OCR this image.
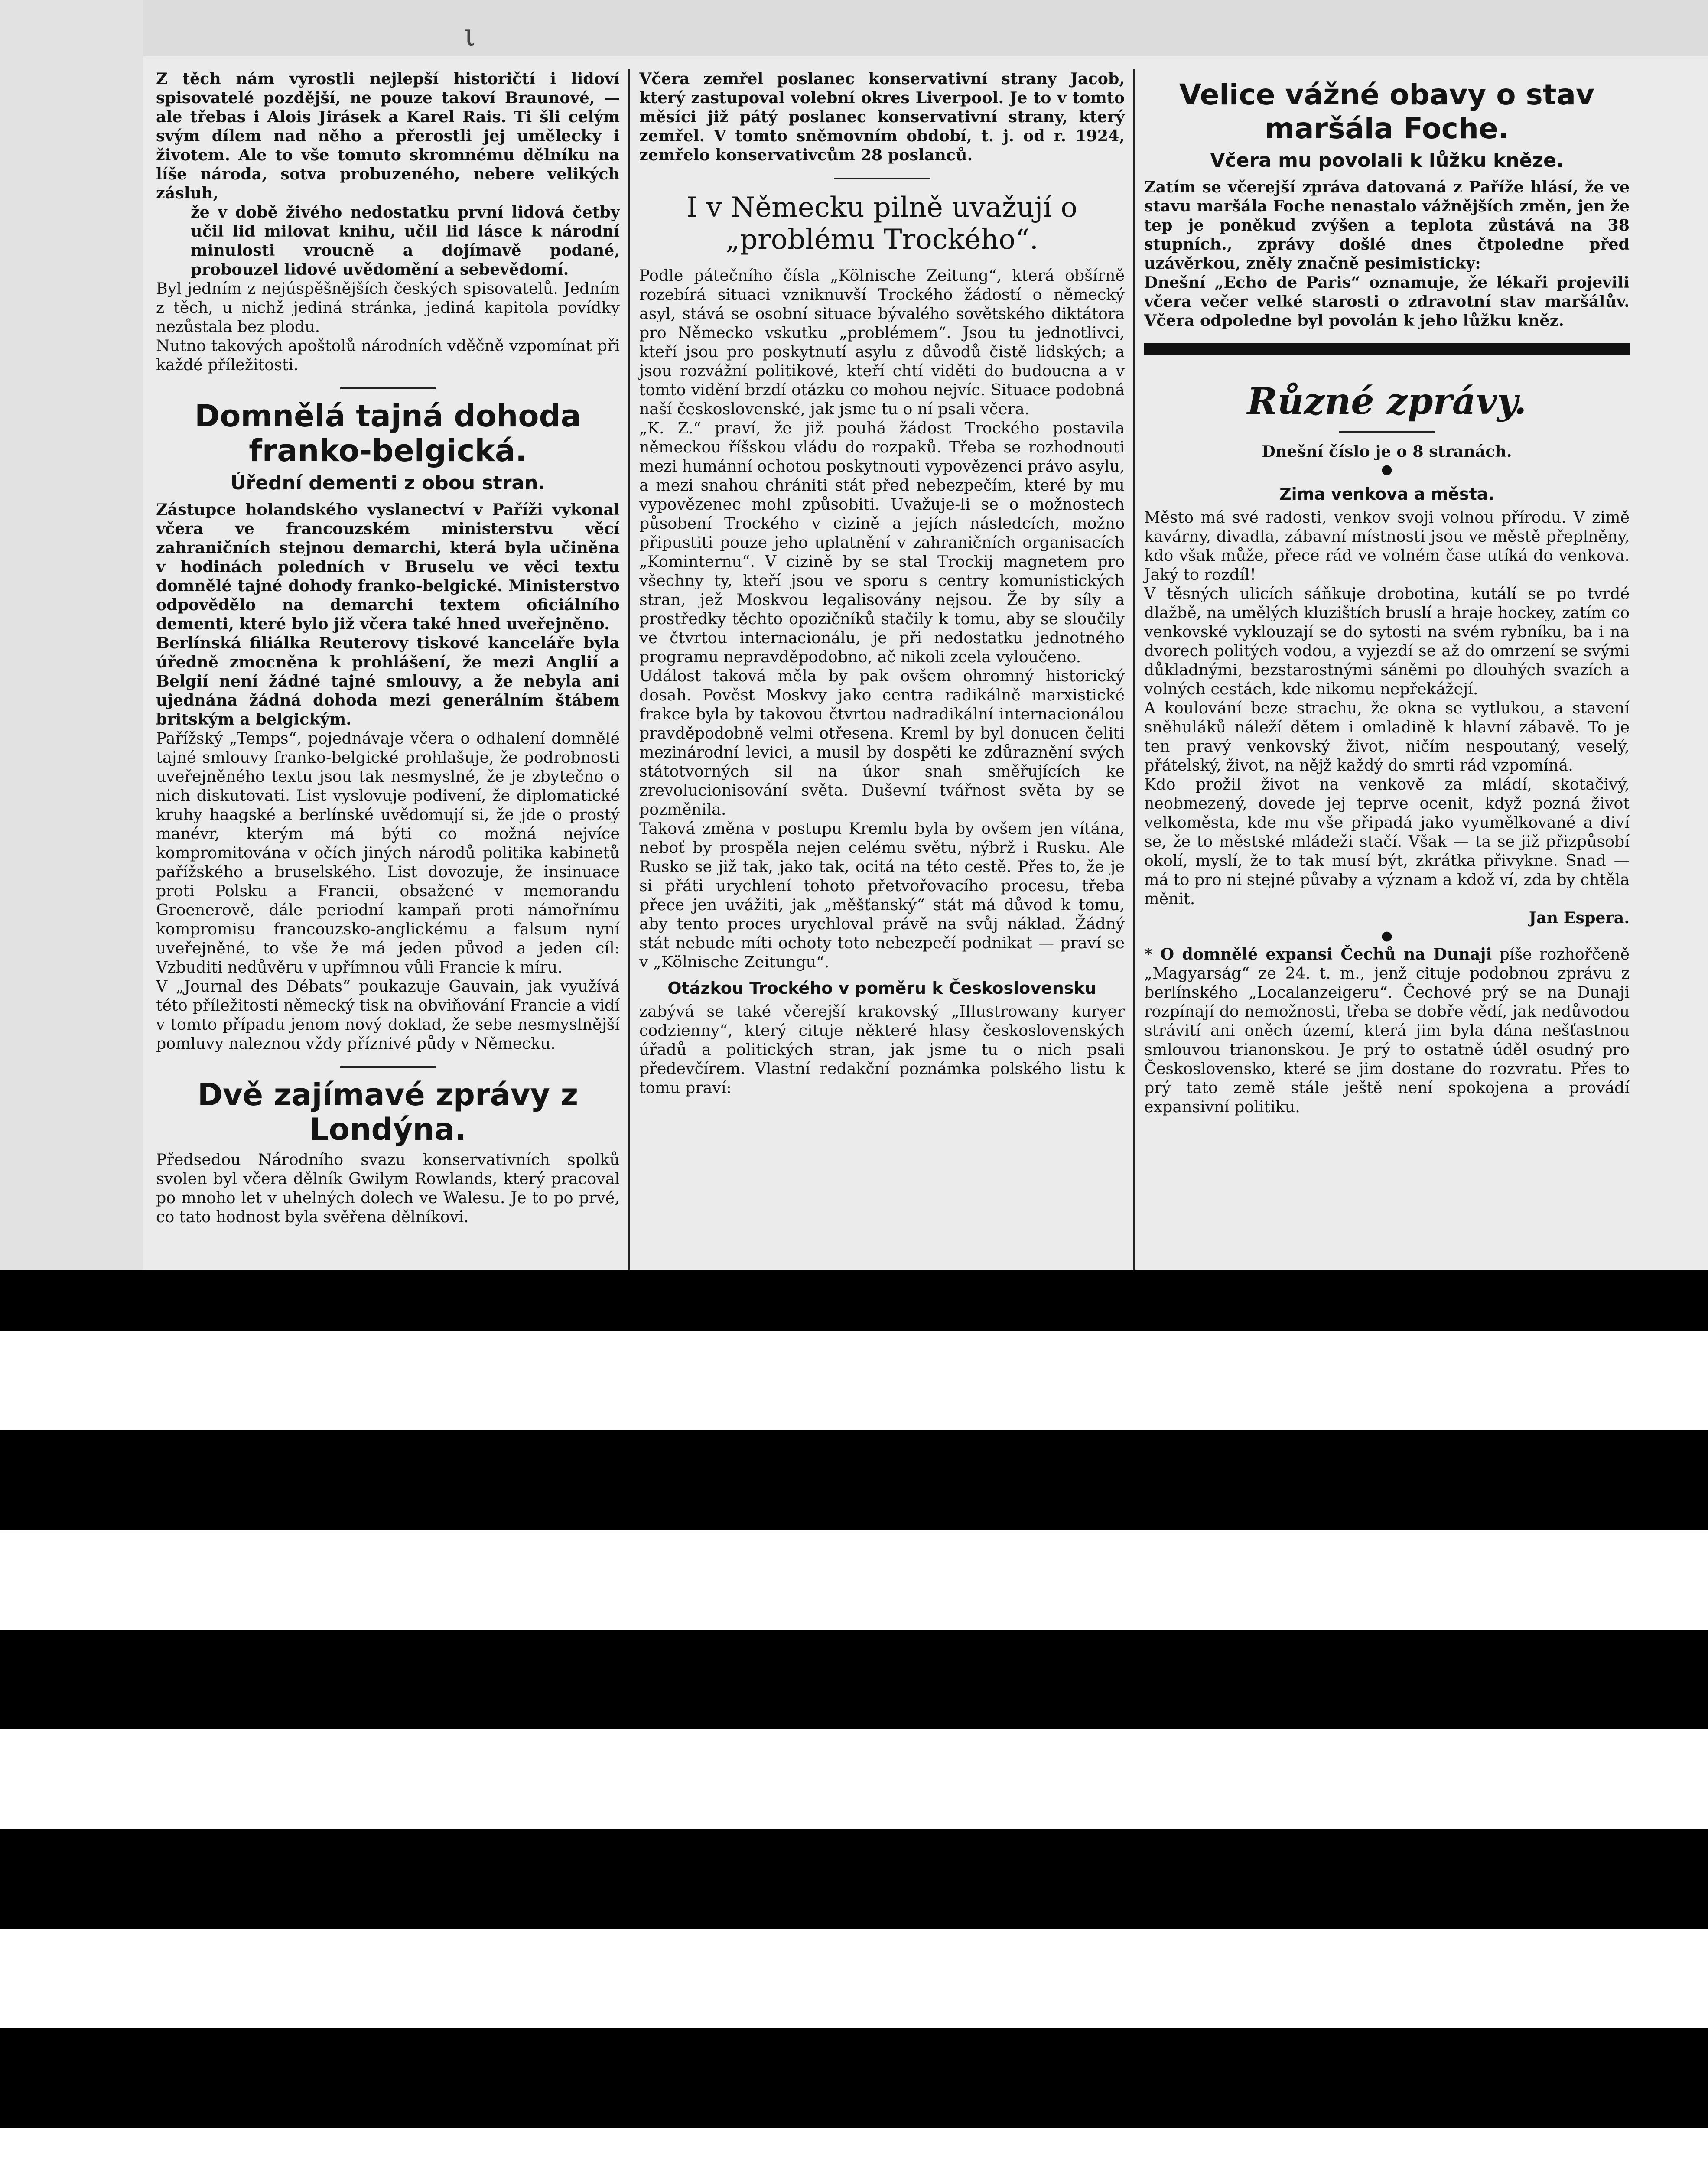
ι

Z těch nám vyrostli nejlepší historičtí i lidoví spisovatelé pozdější, ne pouze takoví Braunové, — ale třebas i Alois Jirásek a Karel Rais. Ti šli celým svým dílem nad něho a přerostli jej uměleckу i životem. Ale to vše tomuto skromnému dělníku na líše národa, sotva probuzeného, nebere velikých zásluh,

že v době živého nedostatku první lidová četby učil lid milovat knihu, učil lid lásce k národní minulosti vroucně a dojímavě podané, probouzel lidové uvědomění a sebevědomí.

Byl jedním z nejúspěšnějších českých spisovatelů. Jedním z těch, u nichž jediná stránka, jediná kapitola povídky nezůstala bez plodu.

Nutno takových apoštolů národních vděčně vzpomínat při každé příležitosti.

Domnělá tajná dohoda franko-belgická.
Úřední dementi z obou stran.

Zástupce holandského vyslanectví v Paříži vykonal včera ve francouzském ministerstvu věcí zahraničních stejnou demarchi, která byla učiněna v hodinách poledních v Bruselu ve věci textu domnělé tajné dohody franko-belgické. Ministerstvo odpovědělo na demarchi textem oficiálního dementi, které bylo již včera také hned uveřejněno.

Berlínská filiálka Reuterovy tiskové kanceláře byla úředně zmocněna k prohlášení, že mezi Anglií a Belgií není žádné tajné smlouvy, a že nebyla ani ujednána žádná dohoda mezi generálním štábem britským a belgickým.

Pařížský „Temps“, pojednávaje včera o odhalení domnělé tajné smlouvy franko-belgické prohlašuje, že podrobnosti uveřejněného textu jsou tak nesmyslné, že je zbytečno o nich diskutovati. List vyslovuje podivení, že diplomatické kruhy haagské a berlínské uvědomují si, že jde o prostý manévr, kterým má býti co možná nejvíce kompromitována v očích jiných národů politika kabinetů pařížského a bruselského. List dovozuje, že insinuace proti Polsku a Francii, obsažené v memorandu Groenerově, dále periodní kampaň proti námořnímu kompromisu francouzsko-anglickému a falsum nyní uveřejněné, to vše že má jeden původ a jeden cíl: Vzbuditi nedůvěru v upřímnou vůli Francie k míru.

V „Journal des Débats“ poukazuje Gauvain, jak využívá této příležitosti německý tisk na obviňování Francie a vidí v tomto případu jenom nový doklad, že sebe nesmyslnější pomluvy naleznou vždy příznivé půdy v Německu.

Dvě zajímavé zprávy z Londýna.

Předsedou Národního svazu konservativních spolků svolen byl včera dělník Gwilym Rowlands, který pracoval po mnoho let v uhelných dolech ve Walesu. Je to po prvé, co tato hodnost byla svěřena dělníkovi.

Včera zemřel poslanec konservativní strany Jacob, který zastupoval volební okres Liverpool. Je to v tomto měsíci již pátý poslanec konservativní strany, který zemřel. V tomto sněmovním období, t. j. od r. 1924, zemřelo konservativcům 28 poslanců.

I v Německu pilně uvažují o „problému Trockého“.

Podle pátečního čísla „Kölnische Zeitung“, která obšírně rozebírá situaci vzniknuvší Trockého žádostí o německý asyl, stává se osobní situace bývalého sovětského diktátora pro Německo vskutku „problémem“. Jsou tu jednotlivci, kteří jsou pro poskytnutí asylu z důvodů čistě lidských; a jsou rozvážní politikové, kteří chtí viděti do budoucna a v tomto vidění brzdí otázku co mohou nejvíc. Situace podobná naší československé, jak jsme tu o ní psali včera.

„K. Z.“ praví, že již pouhá žádost Trockého postavila německou říšskou vládu do rozpaků. Třeba se rozhodnouti mezi humánní ochotou poskytnouti vypovězenci právo asylu, a mezi snahou chrániti stát před nebezpečím, které by mu vypovězenec mohl způsobiti. Uvažuje-li se o možnostech působení Trockého v cizině a jejích následcích, možno připustiti pouze jeho uplatnění v zahraničních organisacích „Kominternu“. V cizině by se stal Trockij magnetem pro všechny ty, kteří jsou ve sporu s centry komunistických stran, jež Moskvou legalisovány nejsou. Že by síly a prostředky těchto opozičníků stačily k tomu, aby se sloučily ve čtvrtou internacionálu, je při nedostatku jednotného programu nepravděpodobno, ač nikoli zcela vyloučeno.

Událost taková měla by pak ovšem ohromný historický dosah. Pověst Moskvy jako centra radikálně marxistické frakce byla by takovou čtvrtou nadradikální internacionálou pravděpodobně velmi otřesena. Kreml by byl donucen čeliti mezinárodní levici, a musil by dospěti ke zdůraznění svých státotvorných sil na úkor snah směřujících ke zrevolucionisování světa. Duševní tvářnost světa by se pozměnila.

Taková změna v postupu Kremlu byla by ovšem jen vítána, neboť by prospěla nejen celému světu, nýbrž i Rusku. Ale Rusko se již tak, jako tak, ocitá na této cestě. Přes to, že je si přáti urychlení tohoto přetvořovacího procesu, třeba přece jen uvážiti, jak „měšťanský“ stát má důvod k tomu, aby tento proces urychloval právě na svůj náklad. Žádný stát nebude míti ochoty toto nebezpečí podnikat — praví se v „Kölnische Zeitungu“.

Otázkou Trockého v poměru k Československu

zabývá se také včerejší krakovský „Illustrowany kuryer codzienny“, který cituje některé hlasy československých úřadů a politických stran, jak jsme tu o nich psali předevčírem. Vlastní redakční poznámka polského listu k tomu praví:

Velice vážné obavy o stav maršála Foche.
Včera mu povolali k lůžku kněze.

Zatím se včerejší zpráva datovaná z Paříže hlásí, že ve stavu maršála Foche nenastalo vážnějších změn, jen že tep je poněkud zvýšen a teplota zůstává na 38 stupních., zprávy došlé dnes čtpoledne před uzávěrkou, zněly značně pesimisticky:

Dnešní „Echo de Paris“ oznamuje, že lékaři projevili včera večer velké starosti o zdravotní stav maršálův. Včera odpoledne byl povolán k jeho lůžku kněz.

Různé zprávy.

Dnešní číslo je o 8 stranách.

●
Zima venkova a města.

Město má své radosti, venkov svoji volnou přírodu. V zimě kavárny, divadla, zábavní místnosti jsou ve městě přeplněny, kdo však může, přece rád ve volném čase utíká do venkova. Jaký to rozdíl!

V těsných ulicích sáňkuje drobotina, kutálí se po tvrdé dlažbě, na umělých kluzištích bruslí a hraje hockey, zatím co venkovské vyklouzají se do sytosti na svém rybníku, ba i na dvorech politých vodou, a vyjezdí se až do omrzení se svými důkladnými, bezstarostnými sáněmi po dlouhých svazích a volných cestách, kde nikomu nepřekážejí.

A koulování beze strachu, že okna se vytlukou, a stavení sněhuláků náleží dětem i omladině k hlavní zábavě. To je ten pravý venkovský život, ničím nespoutaný, veselý, přátelský, život, na nějž každý do smrti rád vzpomíná.

Kdo prožil život na venkově za mládí, skotačivý, neobmezený, dovede jej teprve ocenit, když pozná život velkoměsta, kde mu vše připadá jako vyumělkované a diví se, že to městské mládeži stačí. Však — ta se již přizpůsobí okolí, myslí, že to tak musí být, zkrátka přivykne. Snad — má to pro ni stejné půvaby a význam a kdož ví, zda by chtěla měnit.

Jan Espera.

●

* O domnělé expansi Čechů na Dunaji píše rozhořčeně „Magyarság“ ze 24. t. m., jenž cituje podobnou zprávu z berlínského „Localanzeigeru“. Čechové prý se na Dunaji rozpínají do nemožnosti, třeba se dobře vědí, jak nedůvodou strávití ani oněch území, která jim byla dána nešťastnou smlouvou trianonskou. Je prý to ostatně úděl osudný pro Československo, které se jim dostane do rozvratu. Přes to prý tato země stále ještě není spokojena a provádí expansivní politiku.
